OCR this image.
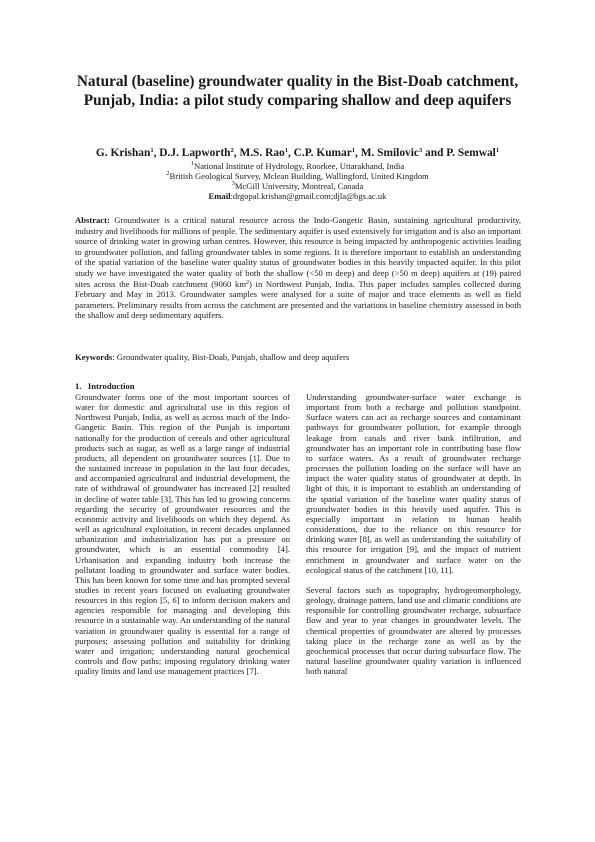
Natural (baseline) groundwater quality in the Bist-Doab catchment, Punjab, India: a pilot study comparing shallow and deep aquifers
G. Krishan$^1$, D.J. Lapworth$^2$, M.S. Rao$^1$, C.P. Kumar$^1$, M. Smilovic$^3$ and P. Semwal$^1$
$^1$National Institute of Hydrology, Roorkee, Uttarakhand, India
$^2$British Geological Survey, Mclean Building, Wallingford, United Kingdom
$^3$McGill University, Montreal, Canada
Email:drgopal.krishan@gmail.com;djla@bgs.ac.uk
Abstract: Groundwater is a critical natural resource across the Indo-Gangetic Basin, sustaining agricultural productivity, industry and livelihoods for millions of people. The sedimentary aquifer is used extensively for irrigation and is also an important source of drinking water in growing urban centres. However, this resource is being impacted by anthropogenic activities leading to groundwater pollution, and falling groundwater tables in some regions. It is therefore important to establish an understanding of the spatial variation of the baseline water quality status of groundwater bodies in this heavily impacted aquifer. In this pilot study we have investigated the water quality of both the shallow (<50 m deep) and deep (>50 m deep) aquifers at (19) paired sites across the Bist-Doab catchment (9060 $km^2$) in Northwest Punjab, India. This paper includes samples collected during February and May in 2013. Groundwater samples were analysed for a suite of major and trace elements as well as field parameters. Preliminary results from across the catchment are presented and the variations in baseline chemistry assessed in both the shallow and deep sedimentary aquifers.
Keywords: Groundwater quality, Bist-Doab, Punjab, shallow and deep aquifers
1. Introduction

Groundwater forms one of the most important sources of water for domestic and agricultural use in this region of Northwest Punjab, India, as well as across much of the Indo-Gangetic Basin. This region of the Punjab is important nationally for the production of cereals and other agricultural products such as sugar, as well as a large range of industrial products, all dependent on groundwater sources [1]. Due to the sustained increase in population in the last four decades, and accompanied agricultural and industrial development, the rate of withdrawal of groundwater has increased [2] resulted in decline of water table [3]. This has led to growing concerns regarding the security of groundwater resources and the economic activity and livelihoods on which they depend. As well as agricultural exploitation, in recent decades unplanned urbanization and industrialization has put a pressure on groundwater, which is an essential commodity [4]. Urbanisation and expanding industry both increase the pollutant loading to groundwater and surface water bodies. This has been known for some time and has prompted several studies in recent years focused on evaluating groundwater resources in this region [5, 6] to inform decision makers and agencies responsible for managing and developing this resource in a sustainable way. An understanding of the natural variation in groundwater quality is essential for a range of purposes; assessing pollution and suitability for drinking water and irrigation; understanding natural geochemical controls and flow paths; imposing regulatory drinking water quality limits and land use management practices [7].

Understanding groundwater-surface water exchange is important from both a recharge and pollution standpoint. Surface waters can act as recharge sources and contaminant pathways for groundwater pollution, for example through leakage from canals and river bank infiltration, and groundwater has an important role in contributing base flow to surface waters. As a result of groundwater recharge processes the pollution loading on the surface will have an impact the water quality status of groundwater at depth. In light of this, it is important to establish an understanding of the spatial variation of the baseline water quality status of groundwater bodies in this heavily used aquifer. This is especially important in relation to human health considerations, due to the reliance on this resource for drinking water [8], as well as understanding the suitability of this resource for irrigation [9], and the impact of nutrient enrichment in groundwater and surface water on the ecological status of the catchment [10, 11].

Several factors such as topography, hydrogeomorphology, geology, drainage pattern, land use and climatic conditions are responsible for controlling groundwater recharge, subsurface flow and year to year changes in groundwater levels. The chemical properties of groundwater are altered by processes taking place in the recharge zone as well as by the geochemical processes that occur during subsurface flow. The natural baseline groundwater quality variation is influenced both natural
